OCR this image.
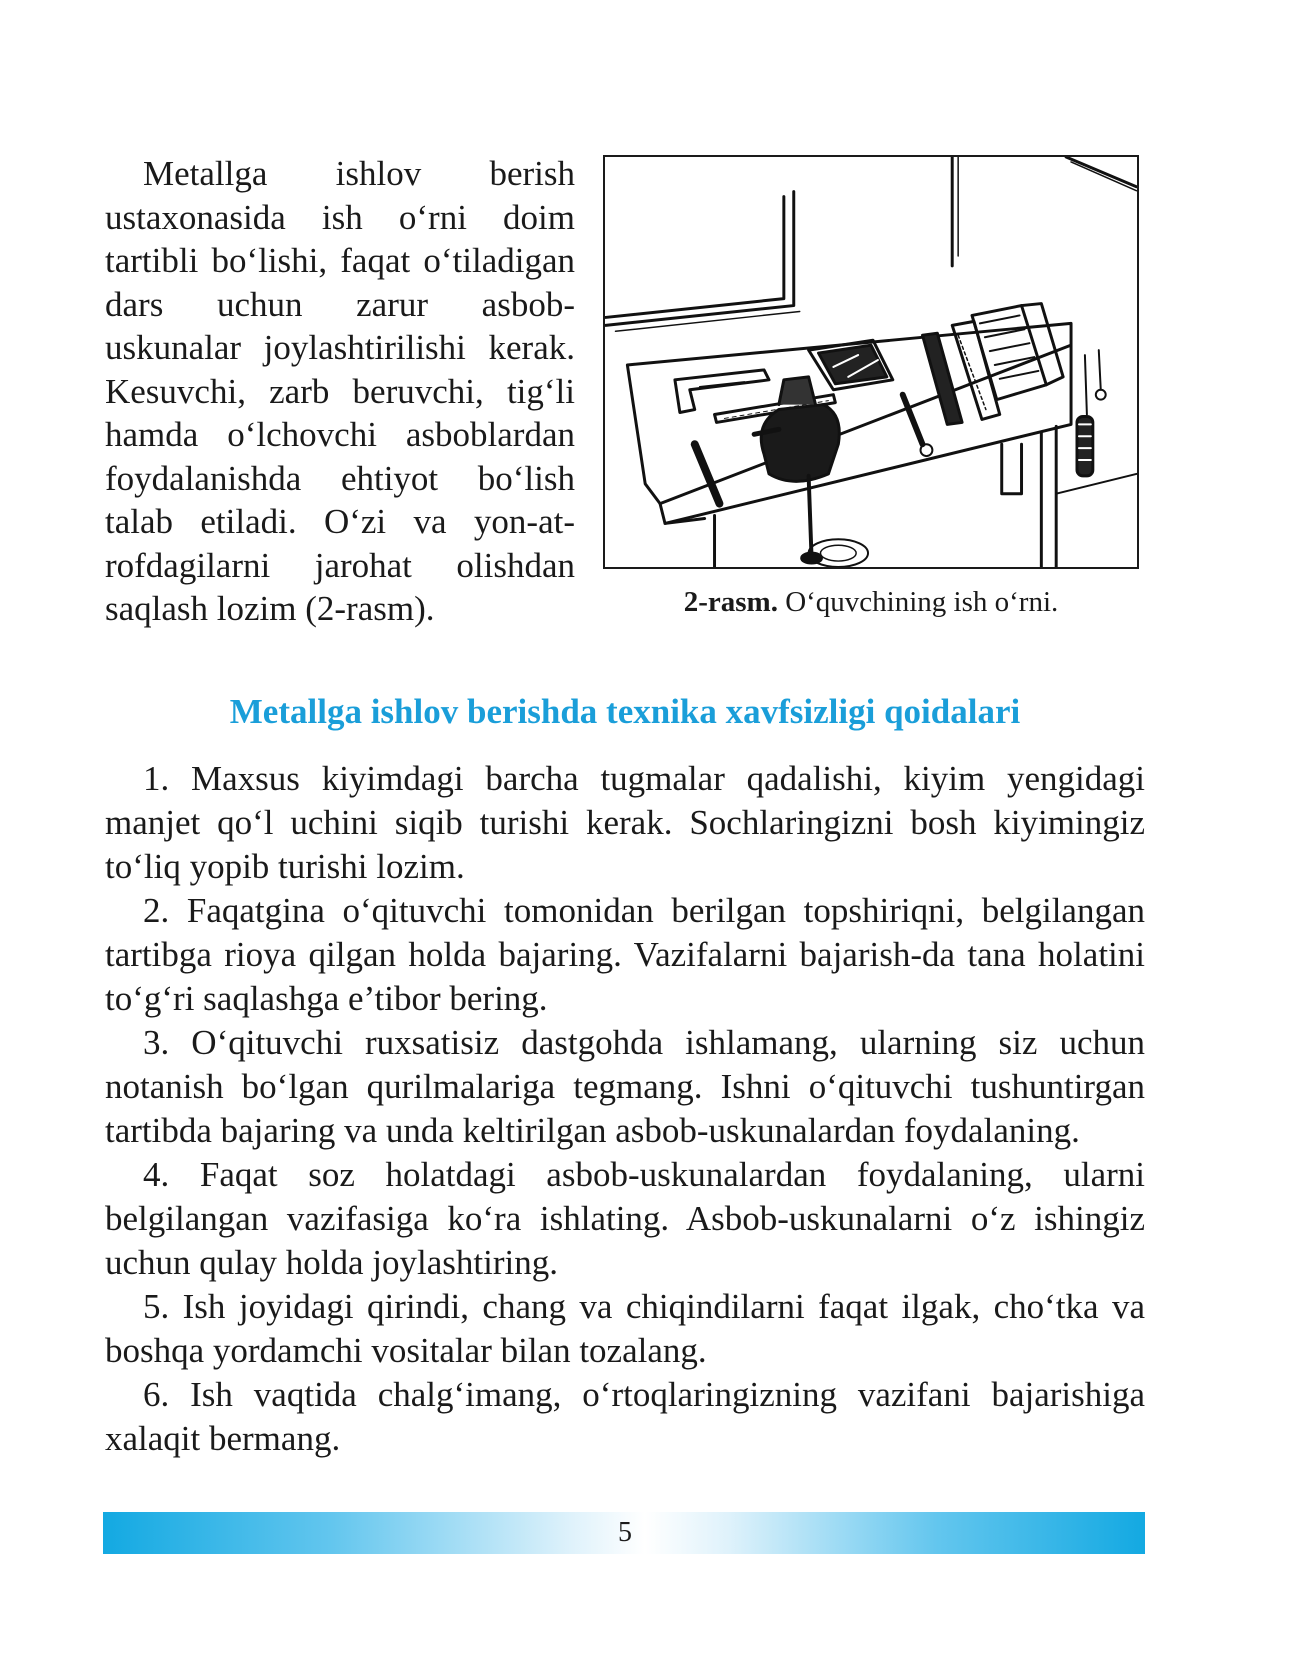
Metallga ishlov berish ustaxonasida ish o‘rni doim tartibli bo‘lishi, faqat o‘tiladigan dars uchun zarur asbob-uskunalar joylashtirilishi kerak. Kesuvchi, zarb beruvchi, tig‘li hamda o‘lchovchi asboblardan foydalanishda ehtiyot bo‘lish talab etiladi. O‘zi va yon-atrofdagilarni jarohat olishdan saqlash lozim (2-rasm).	2-rasm. O‘quvchining ish o‘rni.

Metallga ishlov berishda texnika xavfsizligi qoidalari
1. Maxsus kiyimdagi barcha tugmalar qadalishi, kiyim yengidagi manjet qo‘l uchini siqib turishi kerak. Sochlaringizni bosh kiyimingiz to‘liq yopib turishi lozim.
2. Faqatgina o‘qituvchi tomonidan berilgan topshiriqni, belgilangan tartibga rioya qilgan holda bajaring. Vazifalarni bajarish-da tana holatini to‘g‘ri saqlashga e’tibor bering.
3. O‘qituvchi ruxsatisiz dastgohda ishlamang, ularning siz uchun notanish bo‘lgan qurilmalariga tegmang. Ishni o‘qituvchi tushuntirgan tartibda bajaring va unda keltirilgan asbob-uskunalardan foydalaning.
4. Faqat soz holatdagi asbob-uskunalardan foydalaning, ularni belgilangan vazifasiga ko‘ra ishlating. Asbob-uskunalarni o‘z ishingiz uchun qulay holda joylashtiring.
5. Ish joyidagi qirindi, chang va chiqindilarni faqat ilgak, cho‘tka va boshqa yordamchi vositalar bilan tozalang.
6. Ish vaqtida chalg‘imang, o‘rtoqlaringizning vazifani bajarishiga xalaqit bermang.

5
